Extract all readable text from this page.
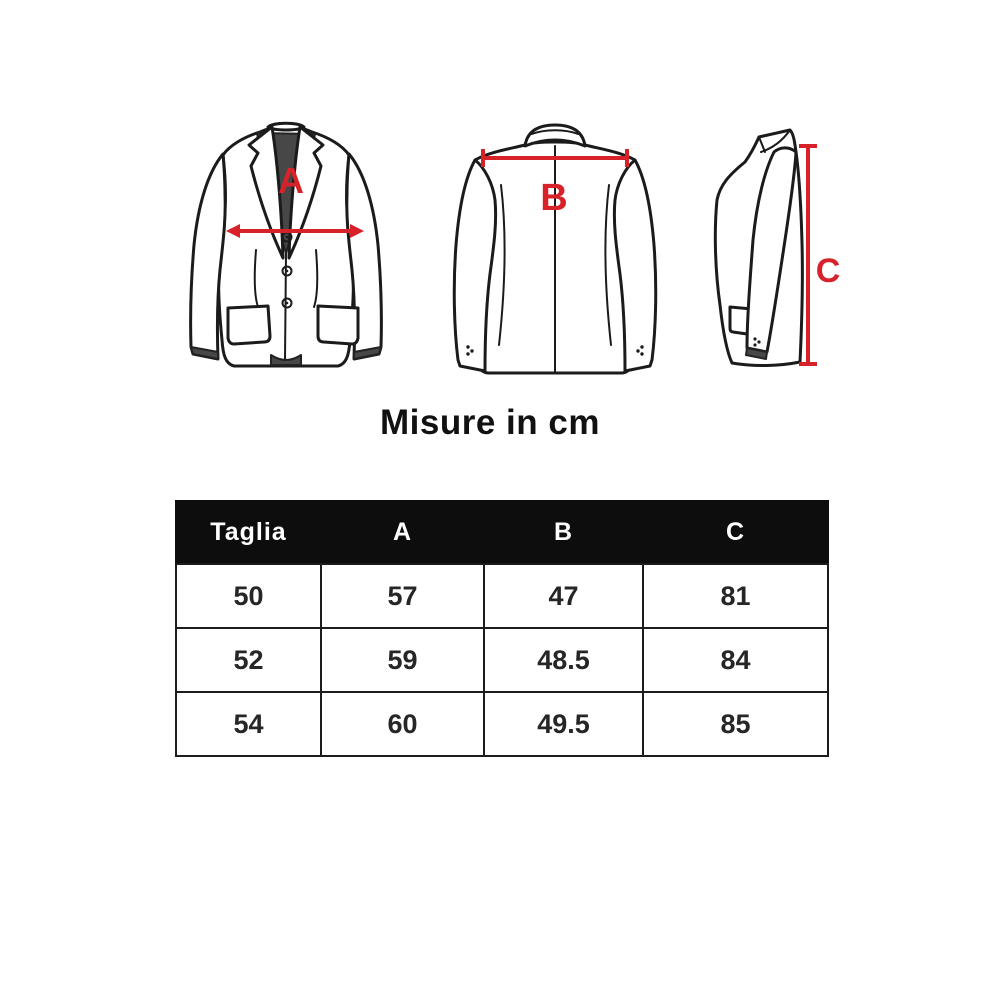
A	B
C
Misure in cm
Taglia	A	B	C
50	57	47	81
52	59	48.5	84
54	60	49.5	85
